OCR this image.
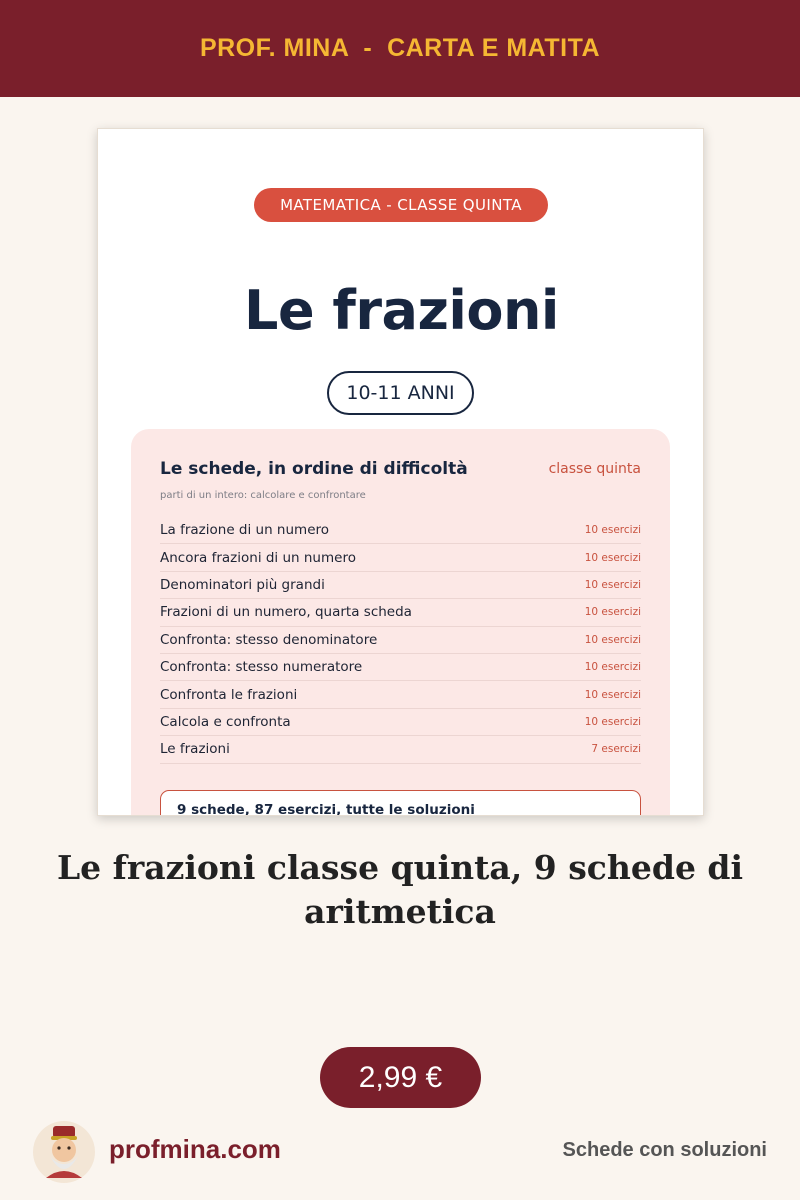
PROF. MINA  -  CARTA E MATITA
MATEMATICA - CLASSE QUINTA
Le frazioni
10-11 ANNI
Le schede, in ordine di difficoltà	classe quinta
parti di un intero: calcolare e confrontare
La frazione di un numero	10 esercizi
Ancora frazioni di un numero	10 esercizi
Denominatori più grandi	10 esercizi
Frazioni di un numero, quarta scheda	10 esercizi
Confronta: stesso denominatore	10 esercizi
Confronta: stesso numeratore	10 esercizi
Confronta le frazioni	10 esercizi
Calcola e confronta	10 esercizi
Le frazioni	7 esercizi
9 schede, 87 esercizi, tutte le soluzioni
Le frazioni classe quinta, 9 schede di aritmetica
2,99 €
profmina.com	Schede con soluzioni
